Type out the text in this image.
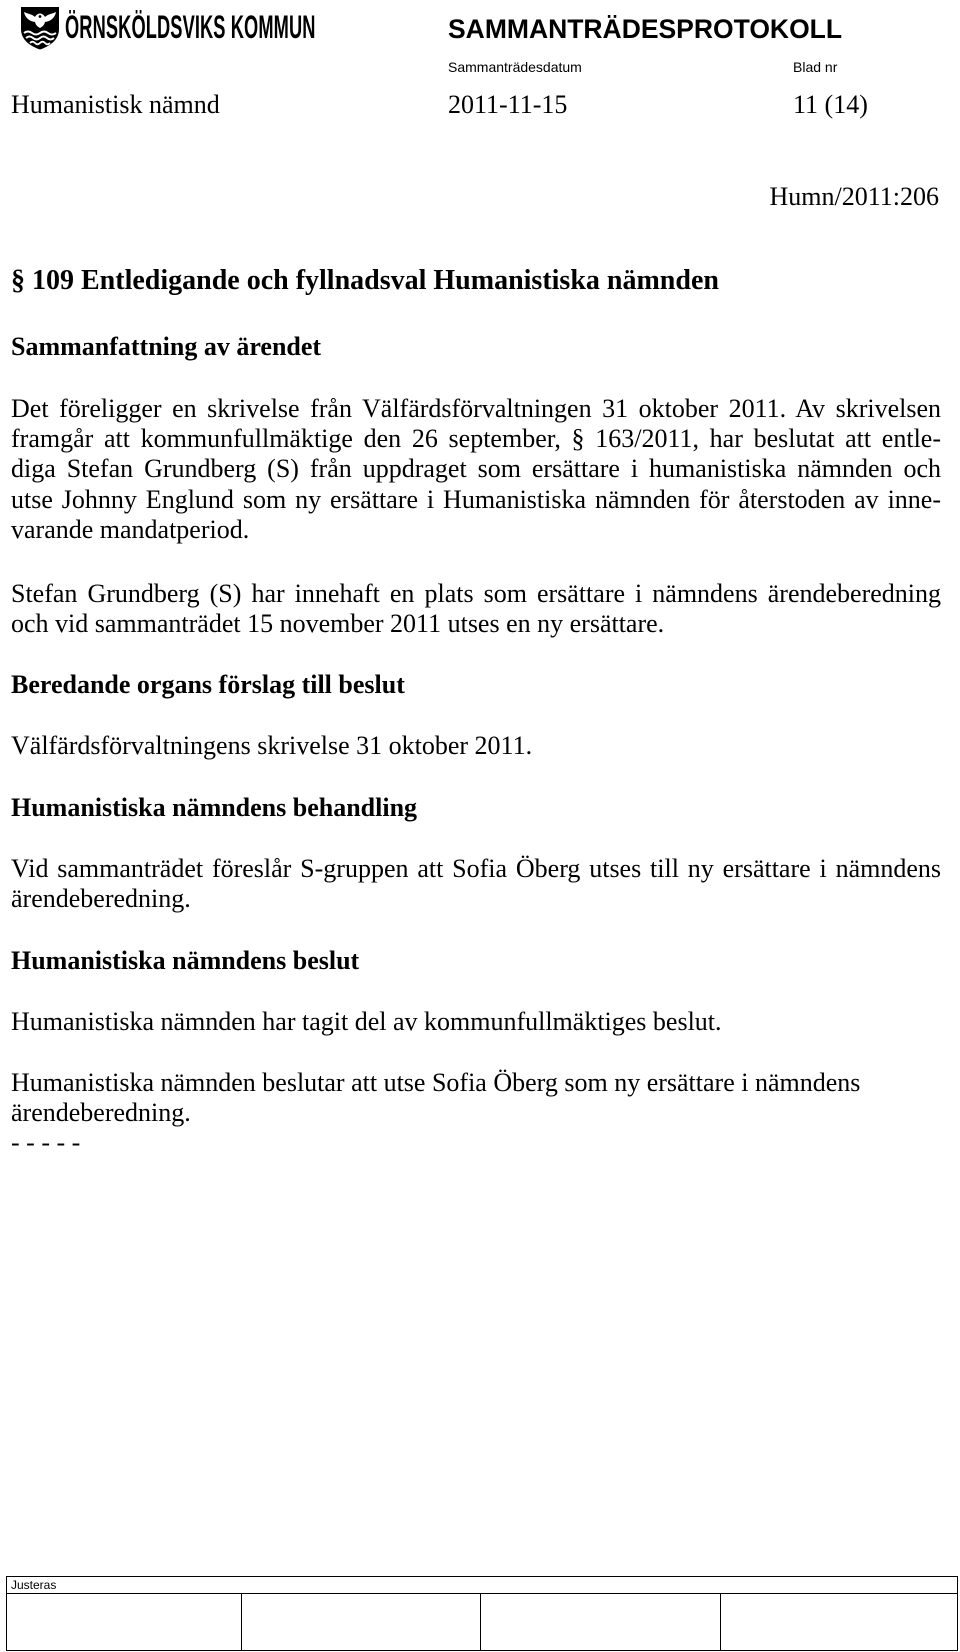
ÖRNSKÖLDSVIKS KOMMUN	SAMMANTRÄDESPROTOKOLL
Sammanträdesdatum	Blad nr
Humanistisk nämnd	2011-11-15	11 (14)
Humn/2011:206
§ 109 Entledigande och fyllnadsval Humanistiska nämnden
Sammanfattning av ärendet
Det föreligger en skrivelse från Välfärdsförvaltningen 31 oktober 2011. Av skrivelsen
framgår att kommunfullmäktige den 26 september, § 163/2011, har beslutat att entle-
diga Stefan Grundberg (S) från uppdraget som ersättare i humanistiska nämnden och
utse Johnny Englund som ny ersättare i Humanistiska nämnden för återstoden av inne-
varande mandatperiod.
Stefan Grundberg (S) har innehaft en plats som ersättare i nämndens ärendeberedning
och vid sammanträdet 15 november 2011 utses en ny ersättare.
Beredande organs förslag till beslut
Välfärdsförvaltningens skrivelse 31 oktober 2011.
Humanistiska nämndens behandling
Vid sammanträdet föreslår S-gruppen att Sofia Öberg utses till ny ersättare i nämndens
ärendeberedning.
Humanistiska nämndens beslut
Humanistiska nämnden har tagit del av kommunfullmäktiges beslut.
Humanistiska nämnden beslutar att utse Sofia Öberg som ny ersättare i nämndens
ärendeberedning.
- - - - -
Justeras
